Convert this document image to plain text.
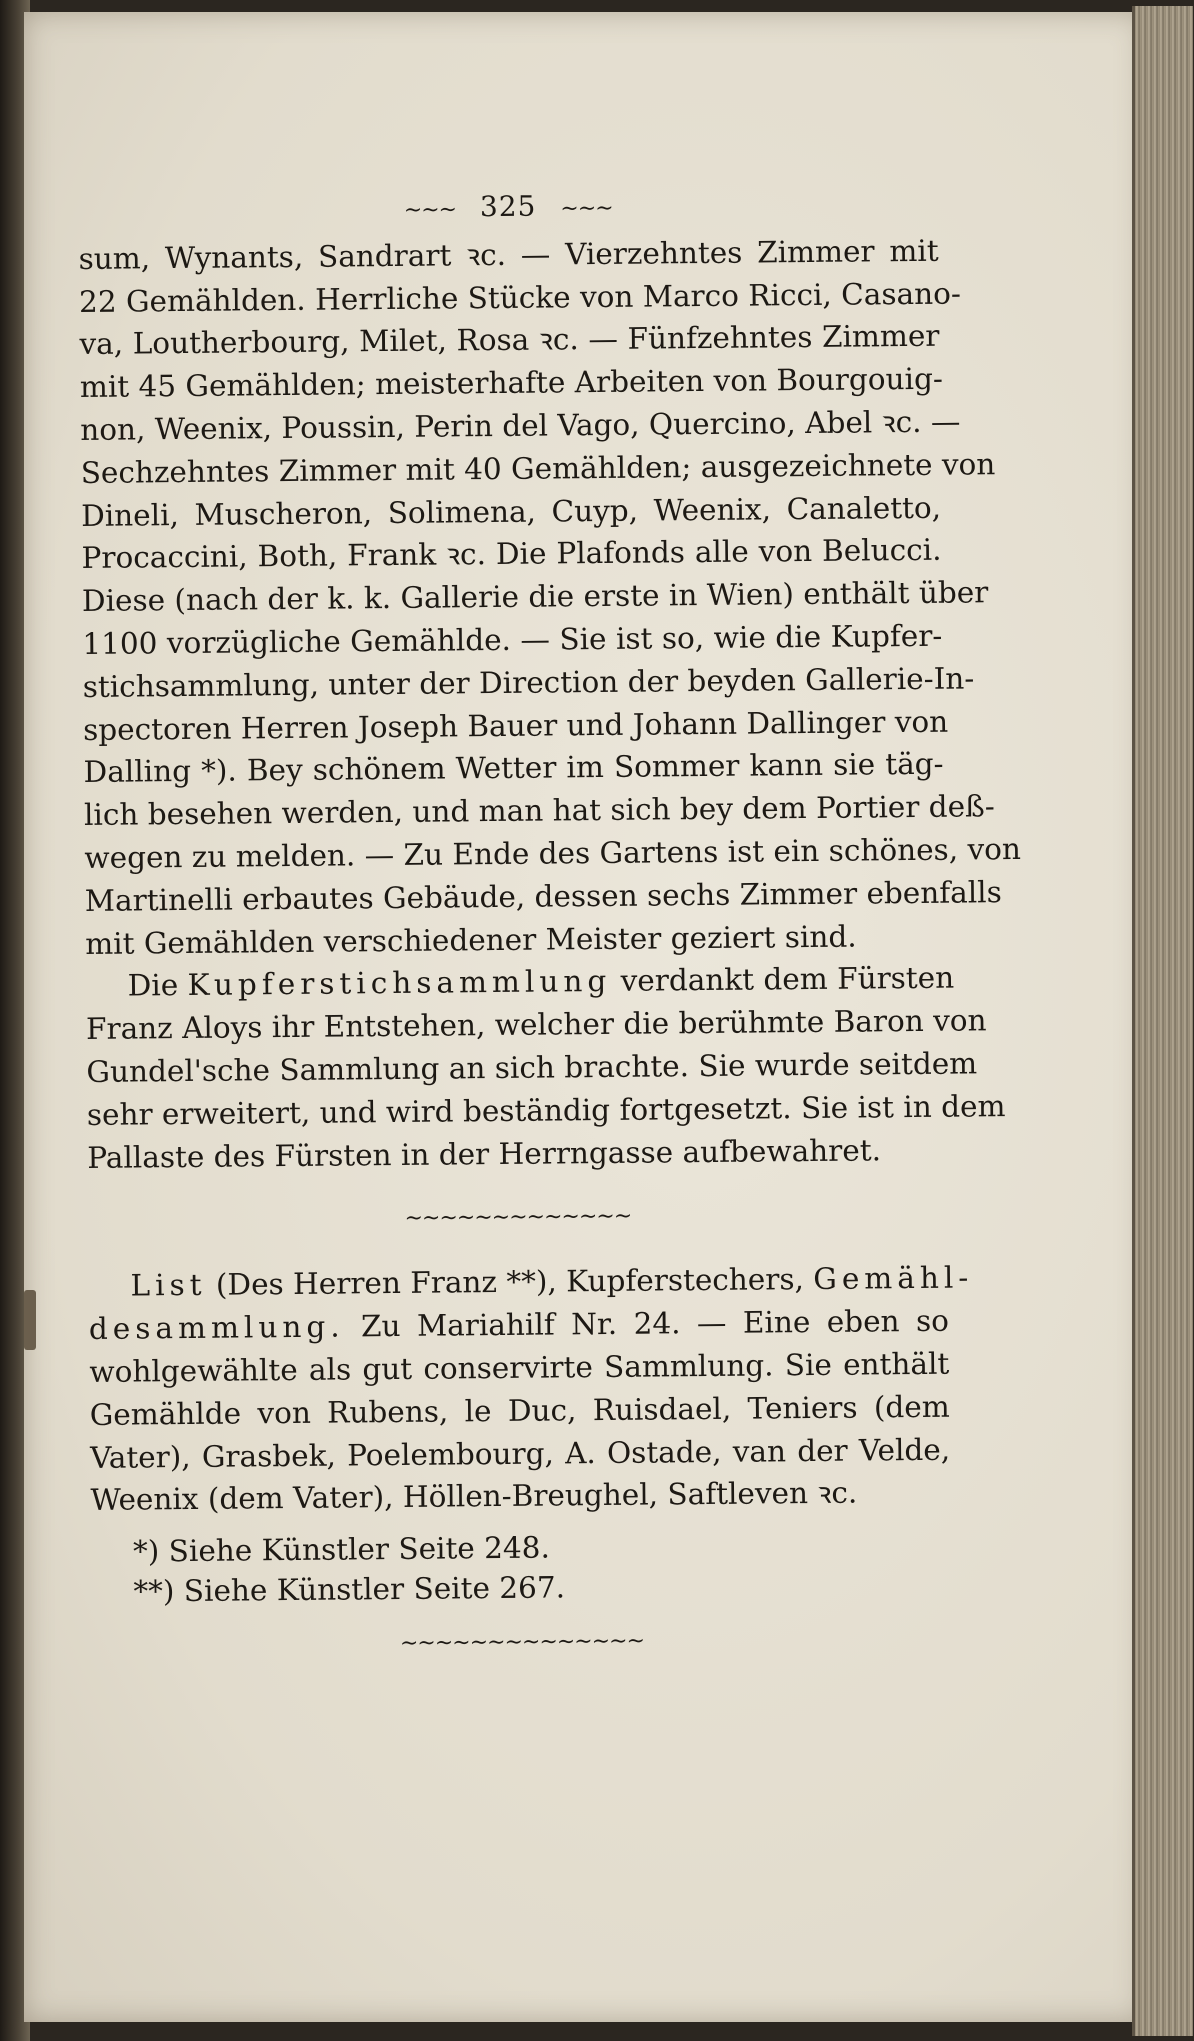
~~~ 325 ~~~
sum, Wynants, Sandrart ꝛc. — Vierzehntes Zimmer mit
22 Gemählden. Herrliche Stücke von Marco Ricci, Casano-
va, Loutherbourg, Milet, Rosa ꝛc. — Fünfzehntes Zimmer
mit 45 Gemählden; meisterhafte Arbeiten von Bourgouig-
non, Weenix, Poussin, Perin del Vago, Quercino, Abel ꝛc. —
Sechzehntes Zimmer mit 40 Gemählden; ausgezeichnete von
Dineli, Muscheron, Solimena, Cuyp, Weenix, Canaletto,
Procaccini, Both, Frank ꝛc. Die Plafonds alle von Belucci.
Diese (nach der k. k. Gallerie die erste in Wien) enthält über
1100 vorzügliche Gemählde. — Sie ist so, wie die Kupfer-
stichsammlung, unter der Direction der beyden Gallerie-In-
spectoren Herren Joseph Bauer und Johann Dallinger von
Dalling *). Bey schönem Wetter im Sommer kann sie täg-
lich besehen werden, und man hat sich bey dem Portier deß-
wegen zu melden. — Zu Ende des Gartens ist ein schönes, von
Martinelli erbautes Gebäude, dessen sechs Zimmer ebenfalls
mit Gemählden verschiedener Meister geziert sind.
Die Kupferstichsammlung verdankt dem Fürsten
Franz Aloys ihr Entstehen, welcher die berühmte Baron von
Gundel'sche Sammlung an sich brachte. Sie wurde seitdem
sehr erweitert, und wird beständig fortgesetzt. Sie ist in dem
Pallaste des Fürsten in der Herrngasse aufbewahret.
~~~~~~~~~~~~~
List (Des Herren Franz **), Kupferstechers, Gemähl-
desammlung. Zu Mariahilf Nr. 24. — Eine eben so
wohlgewählte als gut conservirte Sammlung. Sie enthält
Gemählde von Rubens, le Duc, Ruisdael, Teniers (dem
Vater), Grasbek, Poelembourg, A. Ostade, van der Velde,
Weenix (dem Vater), Höllen-Breughel, Saftleven ꝛc.
*) Siehe Künstler Seite 248.
**) Siehe Künstler Seite 267.
~~~~~~~~~~~~~~
